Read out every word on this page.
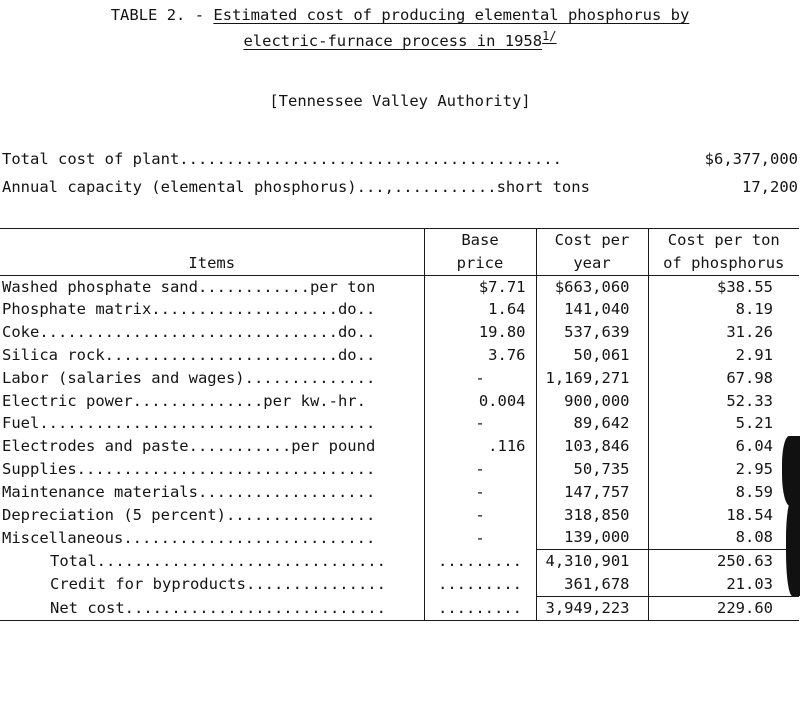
TABLE 2. - Estimated cost of producing elemental phosphorus by
electric-furnace process in 1958$^{1/}$
[Tennessee Valley Authority]
Total cost of plant.........................................	$6,377,000
Annual capacity (elemental phosphorus)...,...........short tons	17,200
Items	Base	Cost per	Cost per ton
	price	year	of phosphorus
Washed phosphate sand............per ton	$7.71	$663,060	$38.55
Phosphate matrix....................do..	1.64	141,040	8.19
Coke................................do..	19.80	537,639	31.26
Silica rock.........................do..	3.76	50,061	2.91
Labor (salaries and wages)..............	-	1,169,271	67.98
Electric power..............per kw.-hr.	0.004	900,000	52.33
Fuel....................................	-	89,642	5.21
Electrodes and paste...........per pound	.116	103,846	6.04
Supplies................................	-	50,735	2.95
Maintenance materials...................	-	147,757	8.59
Depreciation (5 percent)................	-	318,850	18.54
Miscellaneous...........................	-	139,000	8.08
Total...............................	.........	4,310,901	250.63
Credit for byproducts...............	.........	361,678	21.03
Net cost............................	.........	3,949,223	229.60
